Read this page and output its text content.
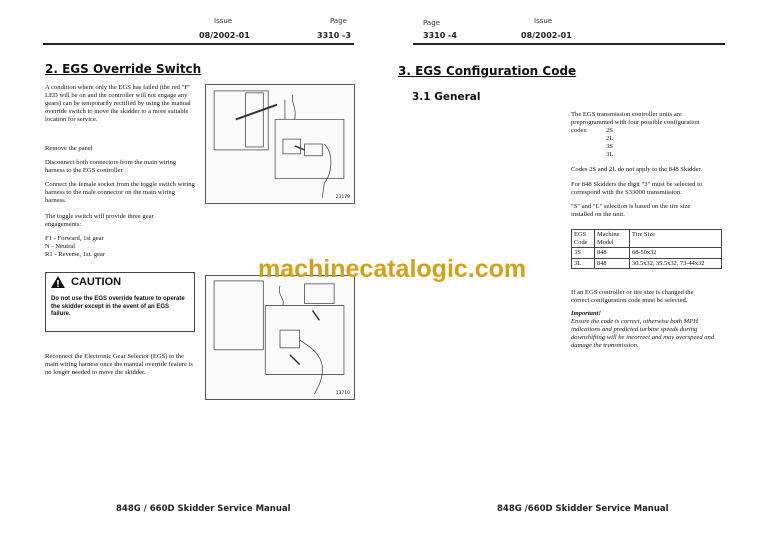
Issue	Page
08/2002-01	3310 -3
2. EGS Override Switch
A condition where only the EGS has failed (the red "F" LED will be on and the controller will not engage any gears) can be temporarily rectified by using the manual override switch to move the skidder to a more suitable location for service.
Remove the panel
Disconnect both connectors from the main wiring harness to the EGS controller
Connect the female socket from the toggle switch wiring harness to the male connector on the main wiring harness.
The toggle switch will provide three gear engagements:
F1 - Forward, 1st gear
N - Neutral
R1 - Reverse, 1st. gear
23179
CAUTION
Do not use the EGS override feature to operate the skidder except in the event of an EGS failure.
13710
Reconnect the Electronic Gear Selector (EGS) to the main wiring harness once the manual override feature is no longer needed to move the skidder.
machinecatalogic.com
848G / 660D Skidder Service Manual
Page	Issue
3310 -4	08/2002-01
3. EGS Configuration Code
3.1 General
The EGS transmission controller units are preprogrammed with four possible configuration
codes:	2S
2L
3S
3L
Codes 2S and 2L do not apply to the 848 Skidder.
For 848 Skidders the digit "3" must be selected to correspond with the S33000 transmission.
"S" and "L" selection is based on the tire size installed on the unit.
EGS Code	Machine Model	Tire Size
3S	848	68-50x32
3L	848	30.5x32, 35.5x32, 73-44x32
If an EGS controller or tire size is changed the correct configuration code must be selected.
Important!
Ensure the code is correct, otherwise both MPH indications and predicted turbine speeds during downshifting will be incorrect and may overspeed and damage the transmission.
848G /660D Skidder Service Manual
